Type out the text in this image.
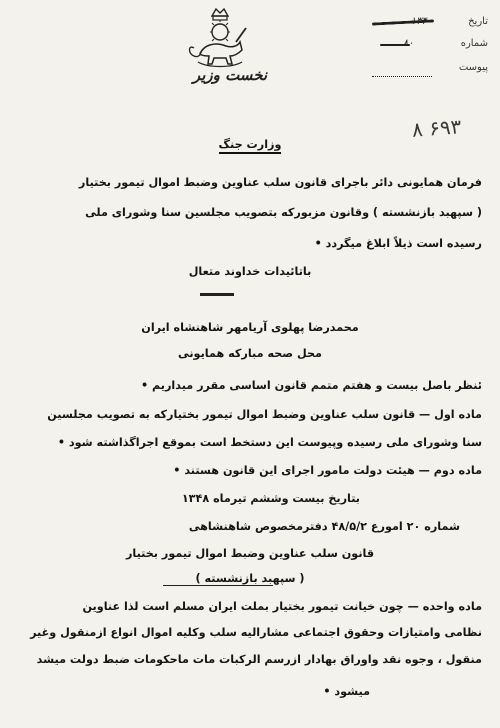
نخست وزیر
تاریخ ۱۳۴
شماره ۸۰
پیوست
۸ ۶۹۳
وزارت جنگ
فرمان همایونی دائر باجرای قانون سلب عناوین وضبط اموال تیمور بختیار
( سپهبد بازنشسته ) وقانون مزبورکه بتصویب مجلسین سنا وشورای ملی
رسیده است ذیلاً ابلاغ میگردد •
باتائیدات خداوند متعال
محمدرضا پهلوی آریامهر شاهنشاه ایران
محل صحه مبارکه همایونی
ئنظر باصل بیست و هفتم متمم قانون اساسی مقرر میداریم •
ماده اول — قانون سلب عناوین وضبط اموال تیمور بختیارکه به تصویب مجلسین
سنا وشورای ملی رسیده وپیوست این دستخط است بموقع اجراگذاشته شود •
ماده دوم — هیئت دولت مامور اجرای این قانون هستند •
بتاریخ بیست وششم تیرماه ۱۳۴۸
شماره ۲۰ امورع ۴۸/۵/۲ دفترمخصوص شاهنشاهی
قانون سلب عناوین وضبط اموال تیمور بختیار
( سپهبد بازنشسته )
ماده واحده — چون خیانت تیمور بختیار بملت ایران مسلم است لذا عناوین
نظامی وامتیازات وحقوق اجتماعی مشارالیه سلب وکلیه اموال انواع ازمنقول وغیر
منقول ، وجوه نقد واوراق بهادار ازرسم الرکبات مات ماحکومات ضبط دولت میشد
میشود •
